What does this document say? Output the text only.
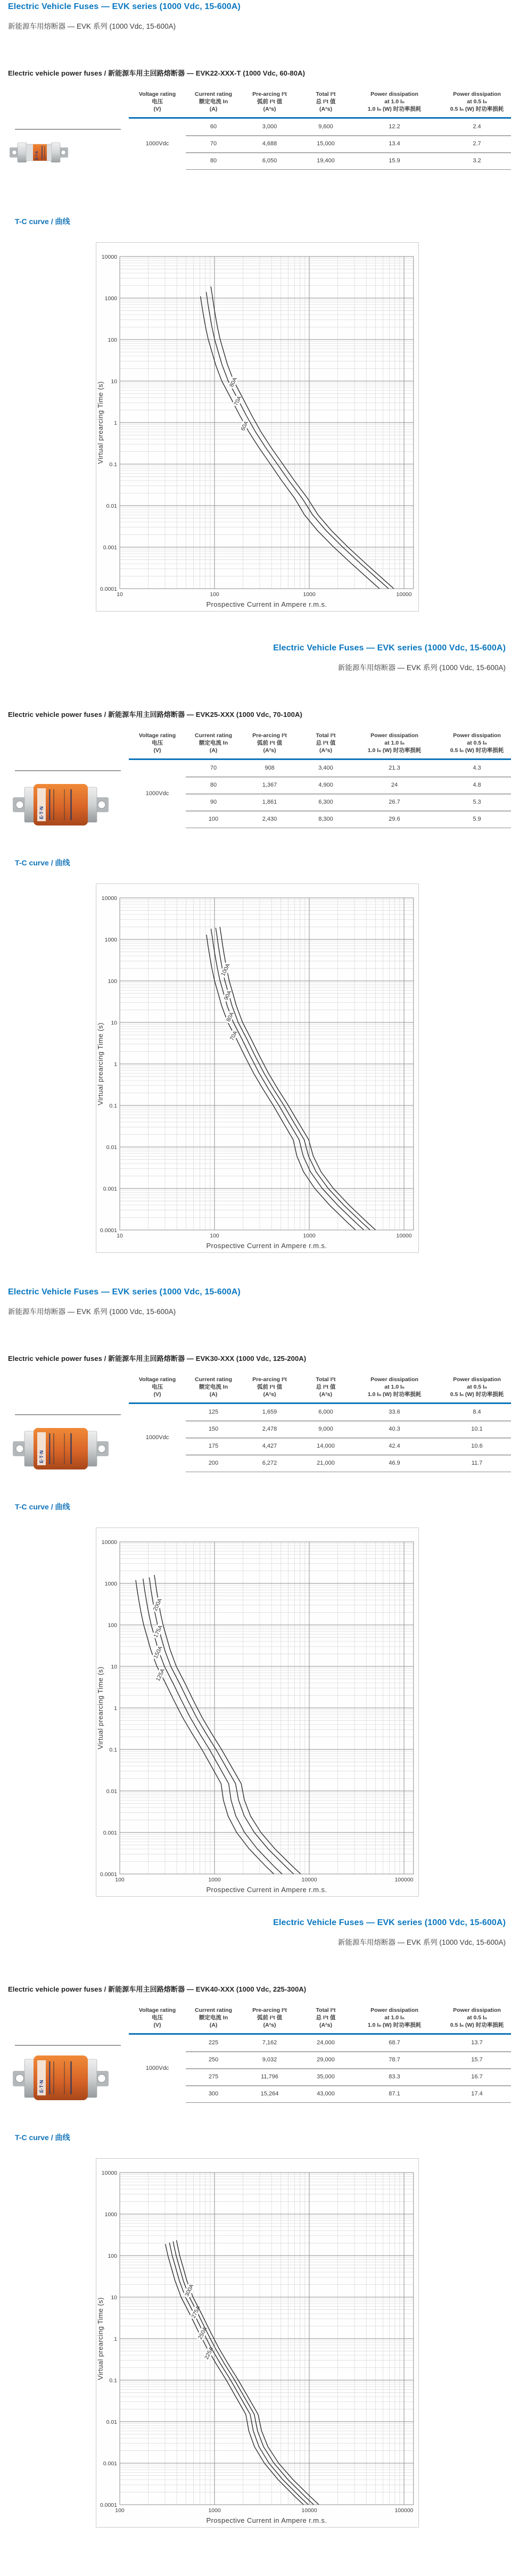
Electric Vehicle Fuses — EVK series (1000 Vdc, 15-600A)
新能源车用熔断器 — EVK 系列 (1000 Vdc, 15-600A)
Electric vehicle power fuses / 新能源车用主回路熔断器 — EVK22-XXX-T (1000 Vdc, 60-80A)
E·T·N
Voltage rating
电压
(V)

Current rating
额定电流 In
(A)

Pre-arcing I²t
弧前 I²t 值
(A²s)

Total I²t
总 I²t 值
(A²s)

Power dissipation
at 1.0 Iₙ
1.0 Iₙ (W) 时功率损耗

Power dissipation
at 0.5 Iₙ
0.5 Iₙ (W) 时功率损耗

1000Vdc	60	3,000	9,600	12.2	2.4
	70	4,688	15,000	13.4	2.7
	80	6,050	19,400	15.9	3.2
T-C curve / 曲线
10000
1000
100
10
1
0.1
0.01
0.001
0.0001
10	100	1000	10000
Prospective Current in Ampere r.m.s.
Virtual prearcing Time (s)	60A
70A
80A
Electric Vehicle Fuses — EVK series (1000 Vdc, 15-600A)
新能源车用熔断器 — EVK 系列 (1000 Vdc, 15-600A)
Electric vehicle power fuses / 新能源车用主回路熔断器 — EVK25-XXX (1000 Vdc, 70-100A)
E·T·N
Voltage rating
电压
(V)

Current rating
额定电流 In
(A)

Pre-arcing I²t
弧前 I²t 值
(A²s)

Total I²t
总 I²t 值
(A²s)

Power dissipation
at 1.0 Iₙ
1.0 Iₙ (W) 时功率损耗

Power dissipation
at 0.5 Iₙ
0.5 Iₙ (W) 时功率损耗

1000Vdc	70	908	3,400	21.3	4.3
	80	1,367	4,900	24	4.8
	90	1,861	6,300	26.7	5.3
	100	2,430	8,300	29.6	5.9
T-C curve / 曲线
10000
1000
100
10
1
0.1
0.01
0.001
0.0001
10	100	1000	10000
Prospective Current in Ampere r.m.s.
Virtual prearcing Time (s)	70A
80A
90A
100A
Electric Vehicle Fuses — EVK series (1000 Vdc, 15-600A)
新能源车用熔断器 — EVK 系列 (1000 Vdc, 15-600A)
Electric vehicle power fuses / 新能源车用主回路熔断器 — EVK30-XXX (1000 Vdc, 125-200A)
E·T·N
Voltage rating
电压
(V)

Current rating
额定电流 In
(A)

Pre-arcing I²t
弧前 I²t 值
(A²s)

Total I²t
总 I²t 值
(A²s)

Power dissipation
at 1.0 Iₙ
1.0 Iₙ (W) 时功率损耗

Power dissipation
at 0.5 Iₙ
0.5 Iₙ (W) 时功率损耗

1000Vdc	125	1,659	6,000	33.6	8.4
	150	2,478	9,000	40.3	10.1
	175	4,427	14,000	42.4	10.6
	200	6,272	21,000	46.9	11.7
T-C curve / 曲线
10000
1000
100
10
1
0.1
0.01
0.001
0.0001
100	1000	10000	100000
Prospective Current in Ampere r.m.s.
Virtual prearcing Time (s)	125A
150A
175A
200A
Electric Vehicle Fuses — EVK series (1000 Vdc, 15-600A)
新能源车用熔断器 — EVK 系列 (1000 Vdc, 15-600A)
Electric vehicle power fuses / 新能源车用主回路熔断器 — EVK40-XXX (1000 Vdc, 225-300A)
E·T·N
Voltage rating
电压
(V)

Current rating
额定电流 In
(A)

Pre-arcing I²t
弧前 I²t 值
(A²s)

Total I²t
总 I²t 值
(A²s)

Power dissipation
at 1.0 Iₙ
1.0 Iₙ (W) 时功率损耗

Power dissipation
at 0.5 Iₙ
0.5 Iₙ (W) 时功率损耗

1000Vdc	225	7,162	24,000	68.7	13.7
	250	9,032	29,000	78.7	15.7
	275	11,796	35,000	83.3	16.7
	300	15,264	43,000	87.1	17.4
T-C curve / 曲线
10000
1000
100
10
1
0.1
0.01
0.001
0.0001
100	1000	10000	100000
Prospective Current in Ampere r.m.s.
Virtual prearcing Time (s)	225A
250A
275A
300A
